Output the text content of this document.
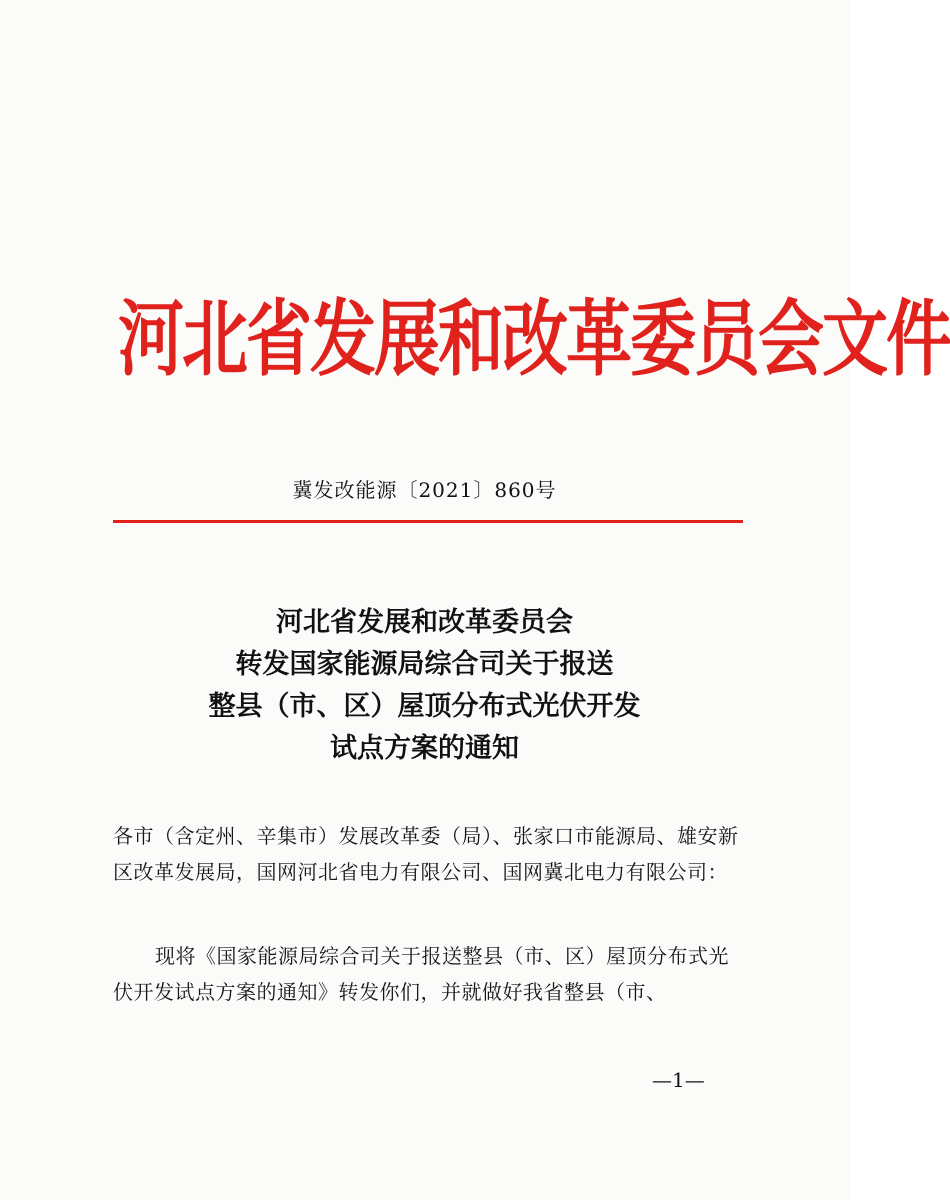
河北省发展和改革委员会文件
冀发改能源〔2021〕860号
河北省发展和改革委员会
转发国家能源局综合司关于报送
整县（市、区）屋顶分布式光伏开发
试点方案的通知
各市（含定州、辛集市）发展改革委（局）、张家口市能源局、雄安新区改革发展局，国网河北省电力有限公司、国网冀北电力有限公司：
现将《国家能源局综合司关于报送整县（市、区）屋顶分布式光伏开发试点方案的通知》转发你们，并就做好我省整县（市、
—1—
